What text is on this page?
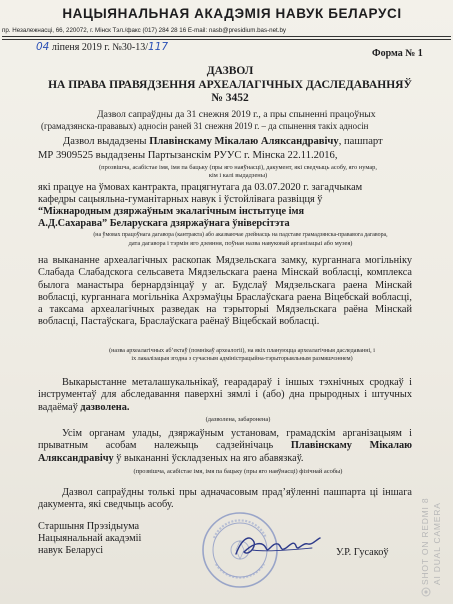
НАЦЫЯНАЛЬНАЯ АКАДЭМІЯ НАВУК БЕЛАРУСІ
пр. Незалежнасці, 66, 220072, г. Мінск Тэл./факс (017) 284 28 16 E-mail: nasb@presidium.bas-net.by
04 ліпеня 2019 г. №30-13/117
Форма № 1
ДАЗВОЛ
НА ПРАВА ПРАВЯДЗЕННЯ АРХЕАЛАГІЧНЫХ ДАСЛЕДАВАННЯЎ
№ 3452
Дазвол сапраўдны да 31 снежня 2019 г., а пры спыненні працоўных
(грамадзянска-прававых) адносін раней 31 снежня 2019 г. – да спынення такіх адносін
Дазвол выдадзены Плавінскаму Мікалаю Аляксандравічу, пашпарт
МР 3909525 выдадзены Партызанскім РУУС г. Мінска 22.11.2016,
(прозвішча, асабістае імя, імя па бацьку (пры яго наяўнасці), дакумент, які сведчыць асобу, яго нумар,
кім і калі выдадзены)
які працуе на ўмовах кантракта, працягнутага да 03.07.2020 г. загадчыкам
кафедры сацыяльна-гуманітарных навук і ўстойлівага развіцця ў
“Міжнародным дзяржаўным экалагічным інстытуце імя
А.Д.Сахарава” Беларускага дзяржаўнага ўніверсітэта
(на ўмовах працоўнага дагавора (кантракта) або аказваючае дзейнасць на падставе грамадзянска-прававога дагавора,
дата дагавора і тэрмін яго дзеяння, поўная назва навуковай арганізацыі або музея)
на выкананне археалагічных раскопак Мядзельскага замку, курганнага могільніку Слабада Слабадскога сельсавета Мядзельскага раена Мінскай вобласці, комплекса былога манастыра бернардзінцаў у аг. Будслаў Мядзельскага раена Мінскай вобласці, курганнага могільніка Ахрэмаўцы Браслаўскага раена Віцебскай вобласці, а таксама археалагічных разведак на тэрыторыі Мядзельскага раёна Мінскай вобласці, Пастаўскага, Браслаўскага раёнаў Віцебскай вобласці.
(назва археалагічных аб’ектаў (помнікаў археалогіі), на якіх плануюцца археалагічныя даследаванні, і
іх лакалізацыя згодна з сучасным адміністрацыйна-тэрыторыяльным размяшчэннем)
Выкарыстанне металашукальнікаў, геарадараў і іншых тэхнічных сродкаў і інструментаў для абследавання паверхні зямлі і (або) дна прыродных і штучных вадаёмаў дазволена.
(дазволена, забаронена)
Усім органам улады, дзяржаўным установам, грамадскім арганізацыям і прыватным асобам належыць садзейнічаць Плавінскаму Мікалаю Аляксандравічу ў выкананні ўскладзеных на яго абавязкаў.
(прозвішча, асабістае імя, імя па бацьку (пры яго наяўнасці) фізічнай асобы)
Дазвол сапраўдны толькі пры адначасовым прад’яўленні пашпарта ці іншага дакумента, які сведчыць асобу.
Старшыня Прэзідыума
Нацыянальнай акадэміі
навук Беларусі	У.Р. Гусакоў	SHOT ON REDMI 8 AI DUAL CAMERA
